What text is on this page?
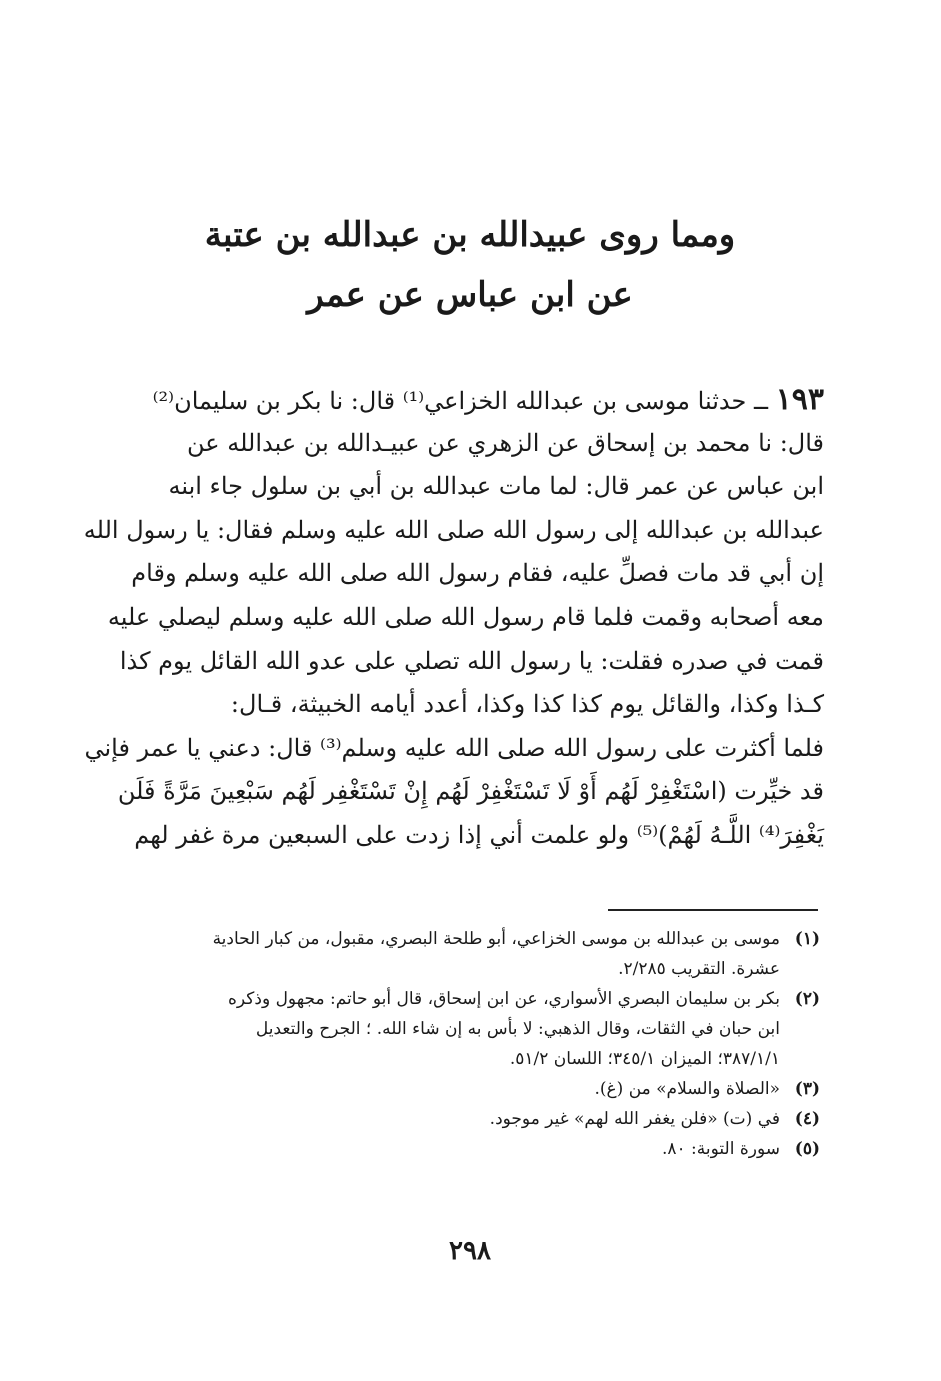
ومما روى عبيدالله بن عبدالله بن عتبة
عن ابن عباس عن عمر
١٩٣ ــ حدثنا موسى بن عبدالله الخزاعي⁽¹⁾ قال: نا بكر بن سليمان⁽²⁾
قال: نا محمد بن إسحاق عن الزهري عن عبيـدالله بن عبدالله عن
ابن عباس عن عمر قال: لما مات عبدالله بن أبي بن سلول جاء ابنه
عبدالله بن عبدالله إلى رسول الله صلى الله عليه وسلم فقال: يا رسول الله
إن أبي قد مات فصلِّ عليه، فقام رسول الله صلى الله عليه وسلم وقام
معه أصحابه وقمت فلما قام رسول الله صلى الله عليه وسلم ليصلي عليه
قمت في صدره فقلت: يا رسول الله تصلي على عدو الله القائل يوم كذا
كـذا وكذا، والقائل يوم كذا كذا وكذا، أعدد أيامه الخبيثة، قـال:
فلما أكثرت على رسول الله صلى الله عليه وسلم⁽³⁾ قال: دعني يا عمر فإني
قد خيِّرت (اسْتَغْفِرْ لَهُم أَوْ لَا تَسْتَغْفِرْ لَهُم إِنْ تَسْتَغْفِر لَهُم سَبْعِينَ مَرَّةً فَلَن
يَغْفِرَ⁽⁴⁾ اللَّـهُ لَهُمْ)⁽⁵⁾ ولو علمت أني إذا زدت على السبعين مرة غفر لهم
(١)
موسى بن عبدالله بن موسى الخزاعي، أبو طلحة البصري، مقبول، من كبار الحادية
عشرة. التقريب ٢/٢٨٥.
(٢)
بكر بن سليمان البصري الأسواري، عن ابن إسحاق، قال أبو حاتم: مجهول وذكره
ابن حبان في الثقات، وقال الذهبي: لا بأس به إن شاء الله. ؛ الجرح والتعديل
٣٨٧/١/١؛ الميزان ٣٤٥/١؛ اللسان ٥١/٢.
(٣)
«الصلاة والسلام» من (غ).
(٤)
في (ت) «فلن يغفر الله لهم» غير موجود.
(٥)
سورة التوبة: ٨٠.
٢٩٨
